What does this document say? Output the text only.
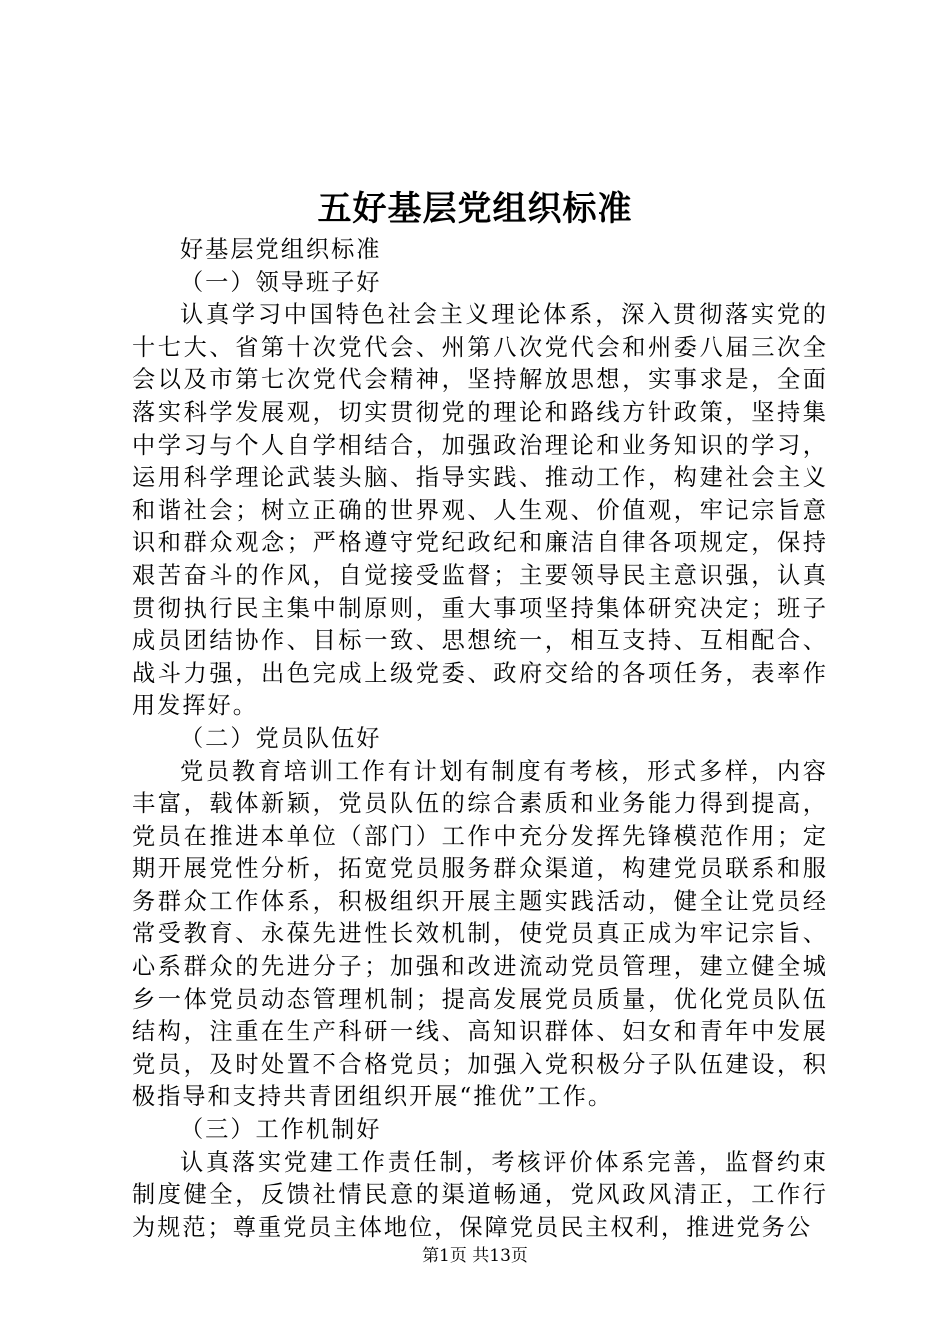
五好基层党组织标准

好基层党组织标准

（一）领导班子好

认真学习中国特色社会主义理论体系，深入贯彻落实党的十七大、省第十次党代会、州第八次党代会和州委八届三次全会以及市第七次党代会精神，坚持解放思想，实事求是，全面落实科学发展观，切实贯彻党的理论和路线方针政策，坚持集中学习与个人自学相结合，加强政治理论和业务知识的学习，运用科学理论武装头脑、指导实践、推动工作，构建社会主义和谐社会；树立正确的世界观、人生观、价值观，牢记宗旨意识和群众观念；严格遵守党纪政纪和廉洁自律各项规定，保持艰苦奋斗的作风，自觉接受监督；主要领导民主意识强，认真贯彻执行民主集中制原则，重大事项坚持集体研究决定；班子成员团结协作、目标一致、思想统一，相互支持、互相配合、战斗力强，出色完成上级党委、政府交给的各项任务，表率作用发挥好。

（二）党员队伍好

党员教育培训工作有计划有制度有考核，形式多样，内容丰富，载体新颖，党员队伍的综合素质和业务能力得到提高，党员在推进本单位（部门）工作中充分发挥先锋模范作用；定期开展党性分析，拓宽党员服务群众渠道，构建党员联系和服务群众工作体系，积极组织开展主题实践活动，健全让党员经常受教育、永葆先进性长效机制，使党员真正成为牢记宗旨、心系群众的先进分子；加强和改进流动党员管理，建立健全城乡一体党员动态管理机制；提高发展党员质量，优化党员队伍结构，注重在生产科研一线、高知识群体、妇女和青年中发展党员，及时处置不合格党员；加强入党积极分子队伍建设，积极指导和支持共青团组织开展“推优”工作。

（三）工作机制好

认真落实党建工作责任制，考核评价体系完善，监督约束制度健全，反馈社情民意的渠道畅通，党风政风清正，工作行为规范；尊重党员主体地位，保障党员民主权利，推进党务公

第1页 共13页
